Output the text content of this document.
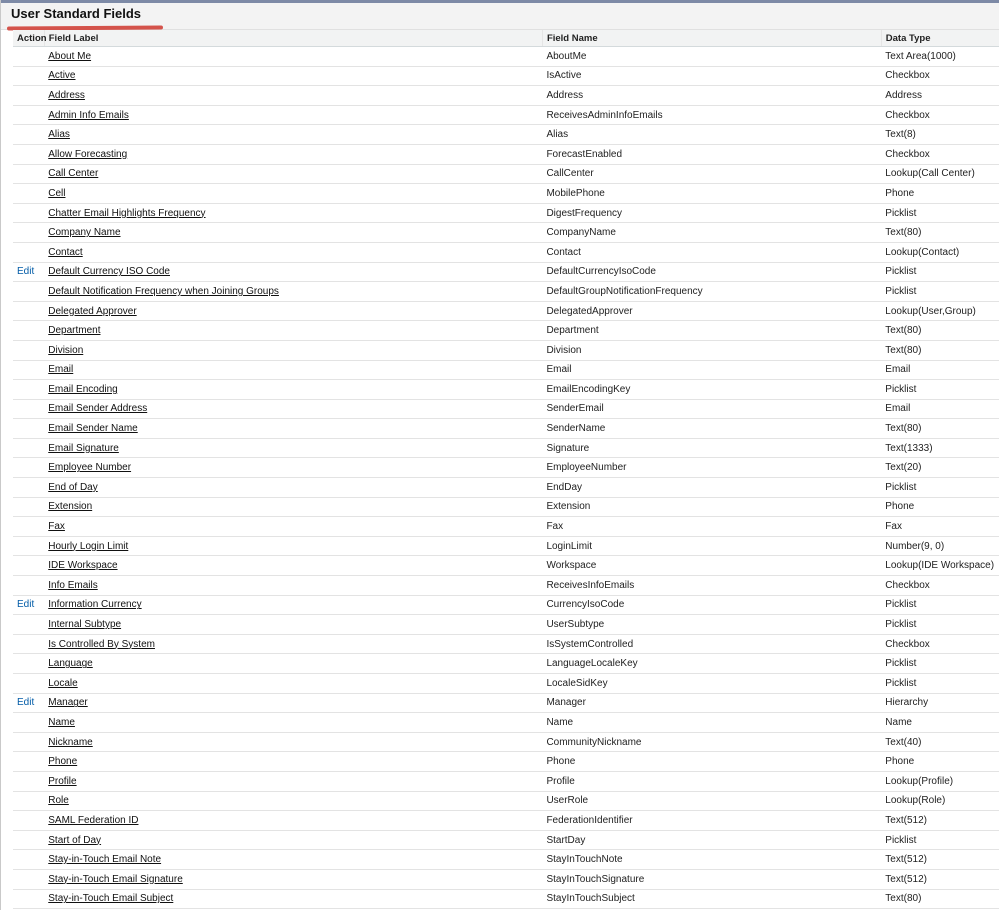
User Standard Fields
Action	Field Label	Field Name	Data Type
	About Me	AboutMe	Text Area(1000)
	Active	IsActive	Checkbox
	Address	Address	Address
	Admin Info Emails	ReceivesAdminInfoEmails	Checkbox
	Alias	Alias	Text(8)
	Allow Forecasting	ForecastEnabled	Checkbox
	Call Center	CallCenter	Lookup(Call Center)
	Cell	MobilePhone	Phone
	Chatter Email Highlights Frequency	DigestFrequency	Picklist
	Company Name	CompanyName	Text(80)
	Contact	Contact	Lookup(Contact)
Edit	Default Currency ISO Code	DefaultCurrencyIsoCode	Picklist
	Default Notification Frequency when Joining Groups	DefaultGroupNotificationFrequency	Picklist
	Delegated Approver	DelegatedApprover	Lookup(User,Group)
	Department	Department	Text(80)
	Division	Division	Text(80)
	Email	Email	Email
	Email Encoding	EmailEncodingKey	Picklist
	Email Sender Address	SenderEmail	Email
	Email Sender Name	SenderName	Text(80)
	Email Signature	Signature	Text(1333)
	Employee Number	EmployeeNumber	Text(20)
	End of Day	EndDay	Picklist
	Extension	Extension	Phone
	Fax	Fax	Fax
	Hourly Login Limit	LoginLimit	Number(9, 0)
	IDE Workspace	Workspace	Lookup(IDE Workspace)
	Info Emails	ReceivesInfoEmails	Checkbox
Edit	Information Currency	CurrencyIsoCode	Picklist
	Internal Subtype	UserSubtype	Picklist
	Is Controlled By System	IsSystemControlled	Checkbox
	Language	LanguageLocaleKey	Picklist
	Locale	LocaleSidKey	Picklist
Edit	Manager	Manager	Hierarchy
	Name	Name	Name
	Nickname	CommunityNickname	Text(40)
	Phone	Phone	Phone
	Profile	Profile	Lookup(Profile)
	Role	UserRole	Lookup(Role)
	SAML Federation ID	FederationIdentifier	Text(512)
	Start of Day	StartDay	Picklist
	Stay-in-Touch Email Note	StayInTouchNote	Text(512)
	Stay-in-Touch Email Signature	StayInTouchSignature	Text(512)
	Stay-in-Touch Email Subject	StayInTouchSubject	Text(80)
